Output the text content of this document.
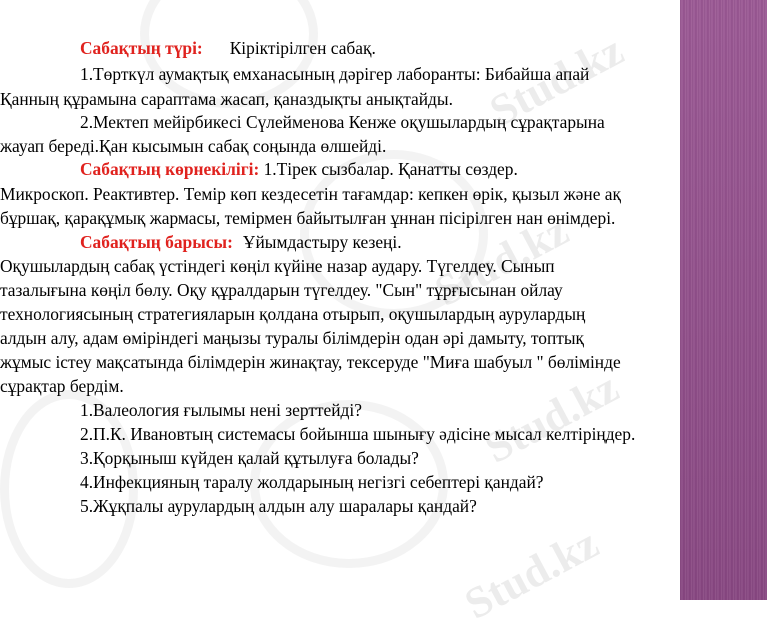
Stud.kz
Stud.kz
Stud.kz
Stud.kz
Сабақтың түрі: Кіріктірілген сабақ.
1.Төрткүл аумақтық емханасының дәрігер лаборанты: Бибайша апай
Қанның құрамына сараптама жасап, қаназдықты анықтайды.
2.Мектеп мейірбикесі Сүлейменова Кенже оқушылардың сұрақтарына
жауап береді.Қан кысымын сабақ соңында өлшейді.
Сабақтың көрнекілігі: 1.Тірек сызбалар. Қанатты сөздер.
Микроскоп. Реактивтер. Темір көп кездесетін тағамдар: кепкен өрік, қызыл және ақ
бұршақ, қарақұмық жармасы, темірмен байытылған ұннан пісірілген нан өнімдері.
Сабақтың барысы: Ұйымдастыру кезеңі.
Оқушылардың сабақ үстіндегі көңіл күйіне назар аудару. Түгелдеу. Сынып
тазалығына көңіл бөлу. Оқу құралдарын түгелдеу. "Сын" тұрғысынан ойлау
технологиясының стратегияларын қолдана отырып, оқушылардың аурулардың
алдын алу, адам өміріндегі маңызы туралы білімдерін одан әрі дамыту, топтық
жұмыс істеу мақсатында білімдерін жинақтау, тексеруде "Миға шабуыл " бөлімінде
сұрақтар бердім.
1.Валеология ғылымы нені зерттейді?
2.П.К. Ивановтың системасы бойынша шынығу әдісіне мысал келтіріңдер.
3.Қорқыныш күйден қалай құтылуға болады?
4.Инфекцияның таралу жолдарының негізгі себептері қандай?
5.Жұқпалы аурулардың алдын алу шаралары қандай?
